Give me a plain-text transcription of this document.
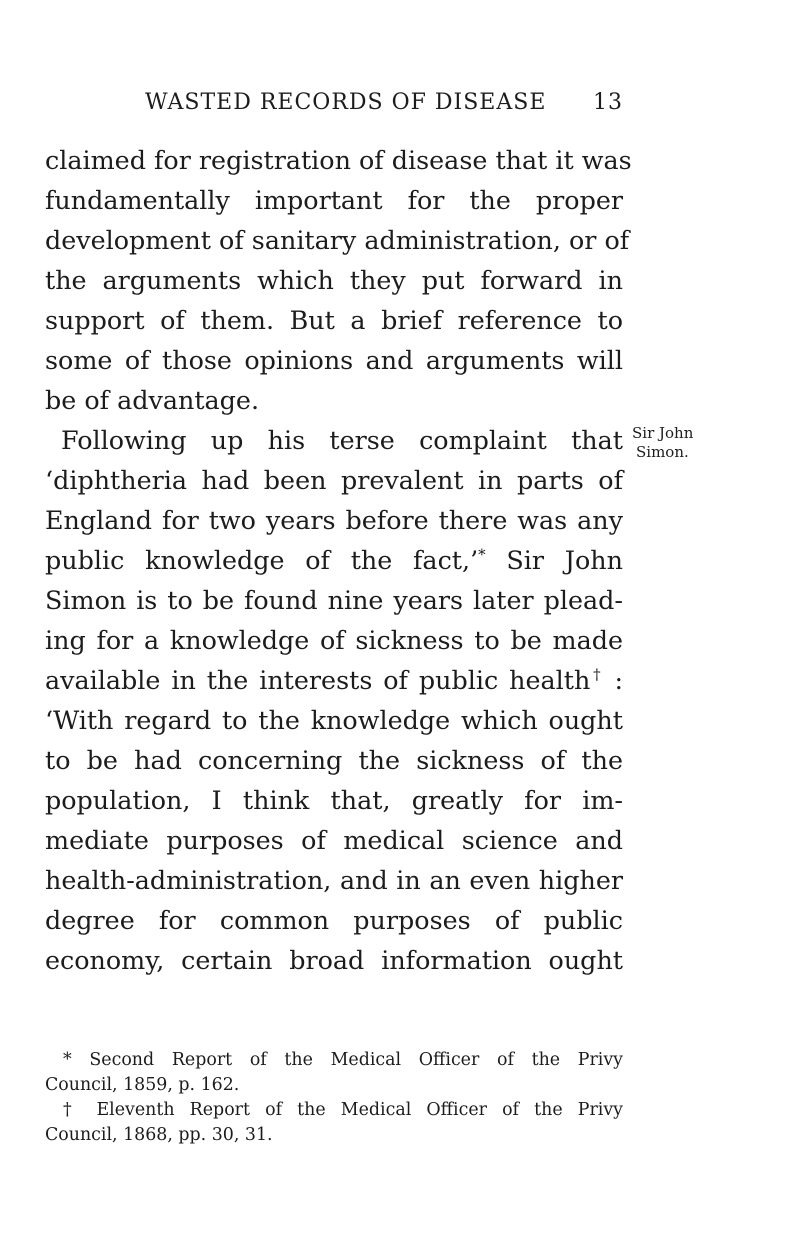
WASTED RECORDS OF DISEASE 13
claimed for registration of disease that it was
fundamentally important for the proper
development of sanitary administration, or of
the arguments which they put forward in
support of them. But a brief reference to
some of those opinions and arguments will
be of advantage.
Following up his terse complaint that
‘diphtheria had been prevalent in parts of
England for two years before there was any
public knowledge of the fact,’* Sir John
Simon is to be found nine years later plead-
ing for a knowledge of sickness to be made
available in the interests of public health† :
‘With regard to the knowledge which ought
to be had concerning the sickness of the
population, I think that, greatly for im-
mediate purposes of medical science and
health-administration, and in an even higher
degree for common purposes of public
economy, certain broad information ought
Sir John
Simon.
* Second Report of the Medical Officer of the Privy
Council, 1859, p. 162.
† Eleventh Report of the Medical Officer of the Privy
Council, 1868, pp. 30, 31.
